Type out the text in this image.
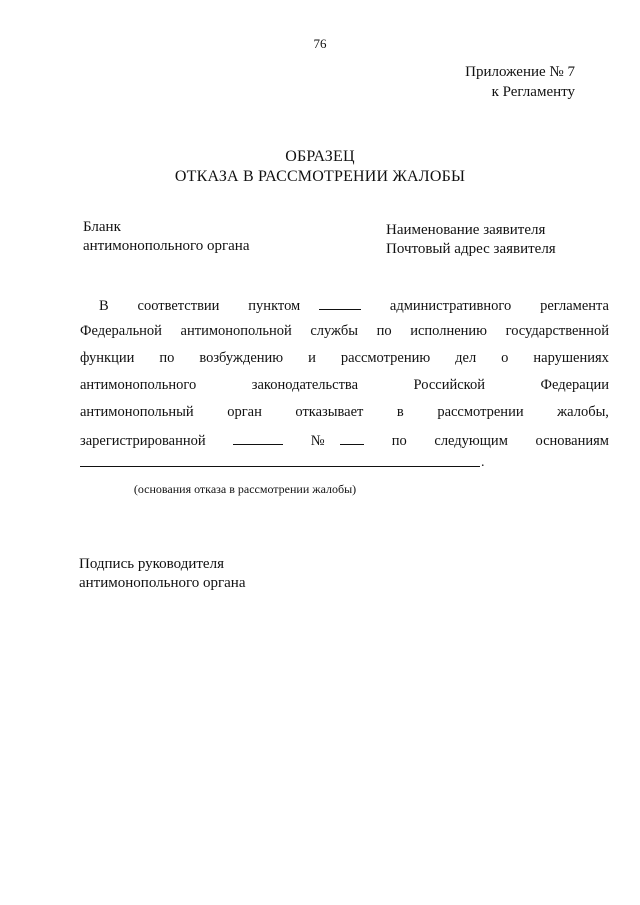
76
Приложение № 7
к Регламенту
ОБРАЗЕЦ
ОТКАЗА В РАССМОТРЕНИИ ЖАЛОБЫ
Бланк
антимонопольного органа
Наименование заявителя
Почтовый адрес заявителя
В соответствии пунктом	административного регламента
Федеральной антимонопольной службы по исполнению государственной
функции по возбуждению и рассмотрению дел о нарушениях
антимонопольного	законодательства	Российской	Федерации
антимонопольный орган отказывает в рассмотрении жалобы,
зарегистрированной	№	по следующим основаниям
.
(основания отказа в рассмотрении жалобы)
Подпись руководителя
антимонопольного органа
